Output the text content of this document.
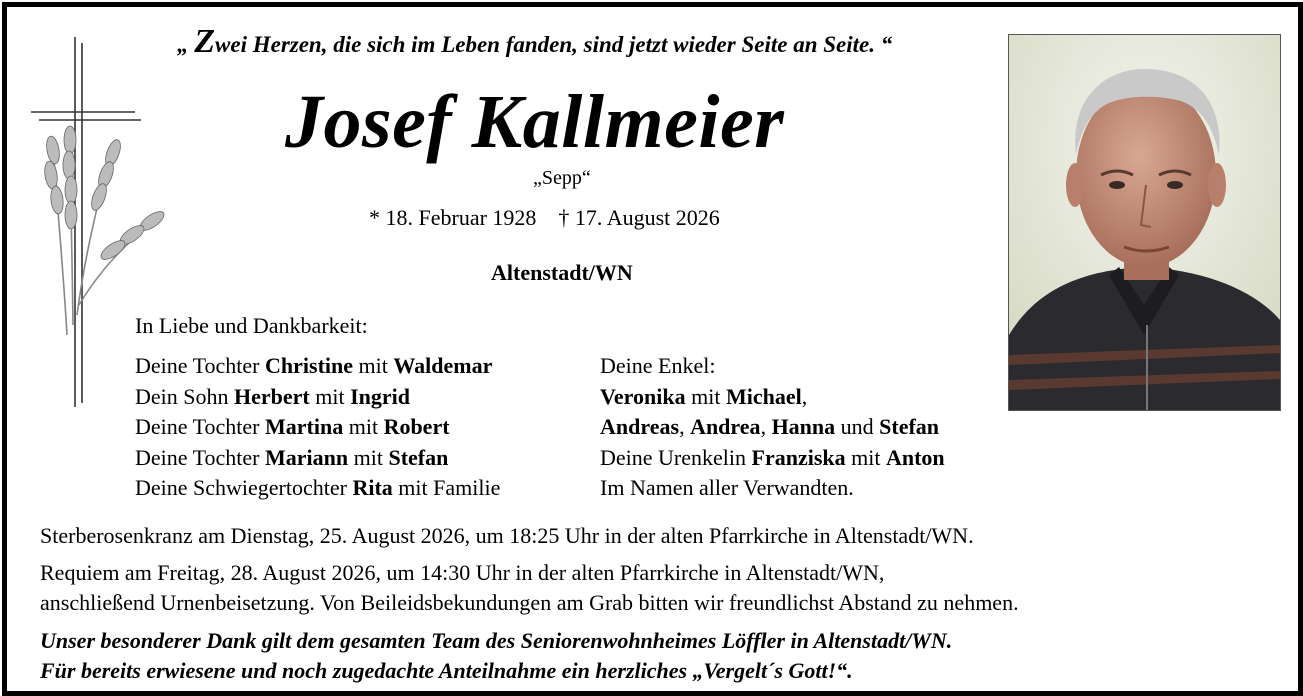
„ Zwei Herzen, die sich im Leben fanden, sind jetzt wieder Seite an Seite. “
Josef Kallmeier
„Sepp“
* 18. Februar 1928 † 17. August 2026
Altenstadt/WN
In Liebe und Dankbarkeit:
Deine Tochter Christine mit Waldemar
Dein Sohn Herbert mit Ingrid
Deine Tochter Martina mit Robert
Deine Tochter Mariann mit Stefan
Deine Schwiegertochter Rita mit Familie
Deine Enkel:
Veronika mit Michael,
Andreas, Andrea, Hanna und Stefan
Deine Urenkelin Franziska mit Anton
Im Namen aller Verwandten.
Sterberosenkranz am Dienstag, 25. August 2026, um 18:25 Uhr in der alten Pfarrkirche in Altenstadt/WN.
Requiem am Freitag, 28. August 2026, um 14:30 Uhr in der alten Pfarrkirche in Altenstadt/WN,
anschließend Urnenbeisetzung. Von Beileidsbekundungen am Grab bitten wir freundlichst Abstand zu nehmen.
Unser besonderer Dank gilt dem gesamten Team des Seniorenwohnheimes Löffler in Altenstadt/WN.
Für bereits erwiesene und noch zugedachte Anteilnahme ein herzliches „Vergelt´s Gott!“.
